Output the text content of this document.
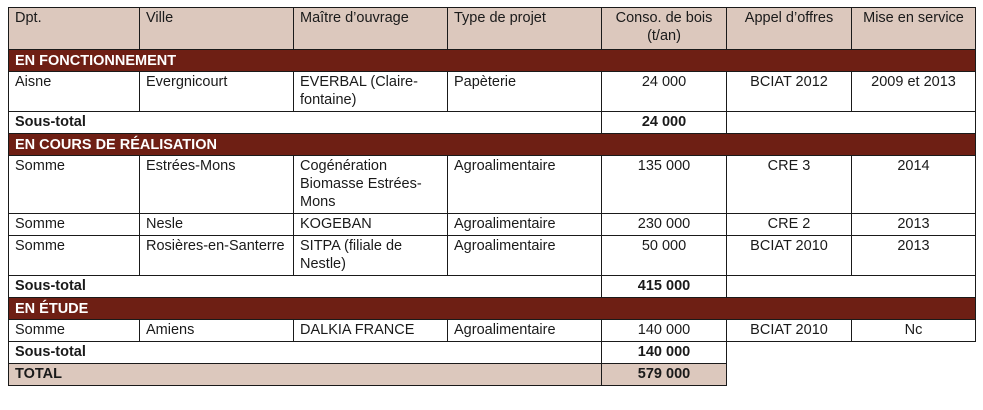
Dpt.	Ville	Maître d’ouvrage	Type de projet	Conso. de bois (t/an)	Appel d’offres	Mise en service
EN FONCTIONNEMENT						
Aisne	Evergnicourt	EVERBAL (Claire-fontaine)	Papèterie	24 000	BCIAT 2012	2009 et 2013
Sous-total				24 000		
EN COURS DE RÉALISATION						
Somme	Estrées-Mons	Cogénération Biomasse Estrées-Mons	Agroalimentaire	135 000	CRE 3	2014
Somme	Nesle	KOGEBAN	Agroalimentaire	230 000	CRE 2	2013
Somme	Rosières-en-Santerre	SITPA (filiale de Nestle)	Agroalimentaire	50 000	BCIAT 2010	2013
Sous-total				415 000		
EN ÉTUDE						
Somme	Amiens	DALKIA FRANCE	Agroalimentaire	140 000	BCIAT 2010	Nc
Sous-total				140 000		
TOTAL				579 000		
